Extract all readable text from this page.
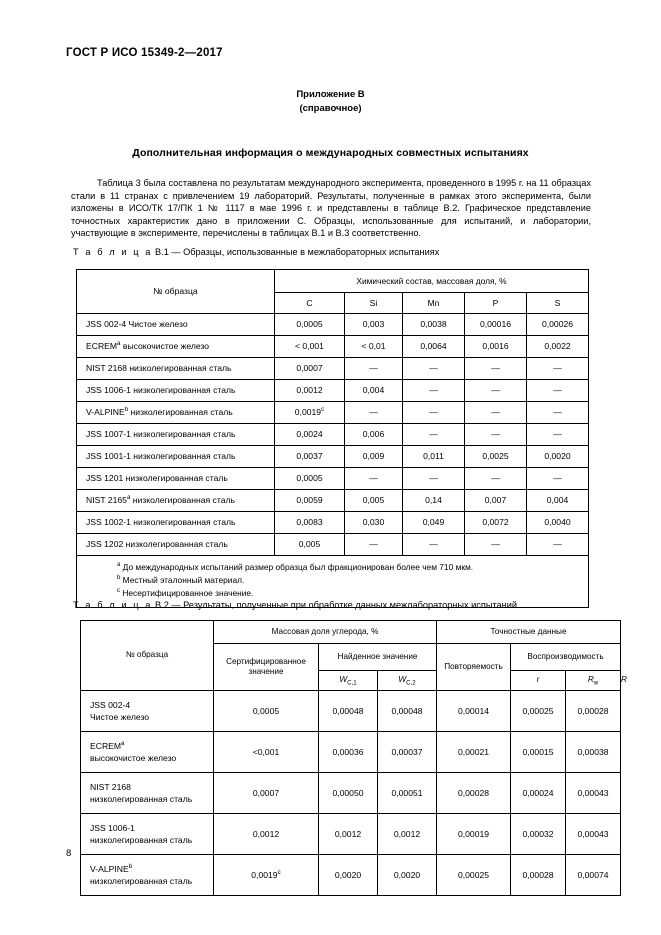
ГОСТ Р ИСО 15349-2—2017
Приложение В
(справочное)
Дополнительная информация о международных совместных испытаниях
Таблица 3 была составлена по результатам международного эксперимента, проведенного в 1995 г. на 11 образцах стали в 11 странах с привлечением 19 лабораторий. Результаты, полученные в рамках этого эксперимента, были изложены в ИСО/ТК 17/ПК 1 № 1117 в мае 1996 г. и представлены в таблице В.2. Графическое представление точностных характеристик дано в приложении С. Образцы, использованные для испытаний, и лаборатории, участвующие в эксперименте, перечислены в таблицах В.1 и В.3 соответственно.
Т а б л и ц а В.1 — Образцы, использованные в межлабораторных испытаниях
№ образца	Химический состав, массовая доля, %				
	C	Si	Mn	P	S
JSS 002-4 Чистое железо	0,0005	0,003	0,0038	0,00016	0,00026
ECREM$^a$ высокочистое железо	< 0,001	< 0,01	0,0064	0,0016	0,0022
NIST 2168 низколегированная сталь	0,0007	—	—	—	—
JSS 1006-1 низколегированная сталь	0,0012	0,004	—	—	—
V-ALPINE$^b$ низколегированная сталь	0,0019$^c$	—	—	—	—
JSS 1007-1 низколегированная сталь	0,0024	0,006	—	—	—
JSS 1001-1 низколегированная сталь	0,0037	0,009	0,011	0,0025	0,0020
JSS 1201 низколегированная сталь	0,0005	—	—	—	—
NIST 2165$^a$ низколегированная сталь	0,0059	0,005	0,14	0,007	0,004
JSS 1002-1 низколегированная сталь	0,0083	0,030	0,049	0,0072	0,0040
JSS 1202 низколегированная сталь	0,005	—	—	—	—

$^a$ До международных испытаний размер образца был фракционирован более чем 710 мкм.
$^b$ Местный эталонный материал.
$^c$ Несертифицированное значение.					
Т а б л и ц а В.2 — Результаты, полученные при обработке данных межлабораторных испытаний
№ образца	Массовая доля углерода, %			Точностные данные			
	Сертифицированное значение	Найденное значение		Повторяемость	Воспроизводимость		
		$W_{C,1}$	$W_{C,2}$		r	$R_w$	R

JSS 002-4
Чистое железо	0,0005	0,00048	0,00048	0,00014	0,00025	0,00028	

ECREM$^a$
высокочистое железо	<0,001	0,00036	0,00037	0,00021	0,00015	0,00038	

NIST 2168
низколегированная сталь	0,0007	0,00050	0,00051	0,00028	0,00024	0,00043	

JSS 1006-1
низколегированная сталь	0,0012	0,0012	0,0012	0,00019	0,00032	0,00043	

V-ALPINE$^b$
низколегированная сталь	0,0019$^c$	0,0020	0,0020	0,00025	0,00028	0,00074	
8
